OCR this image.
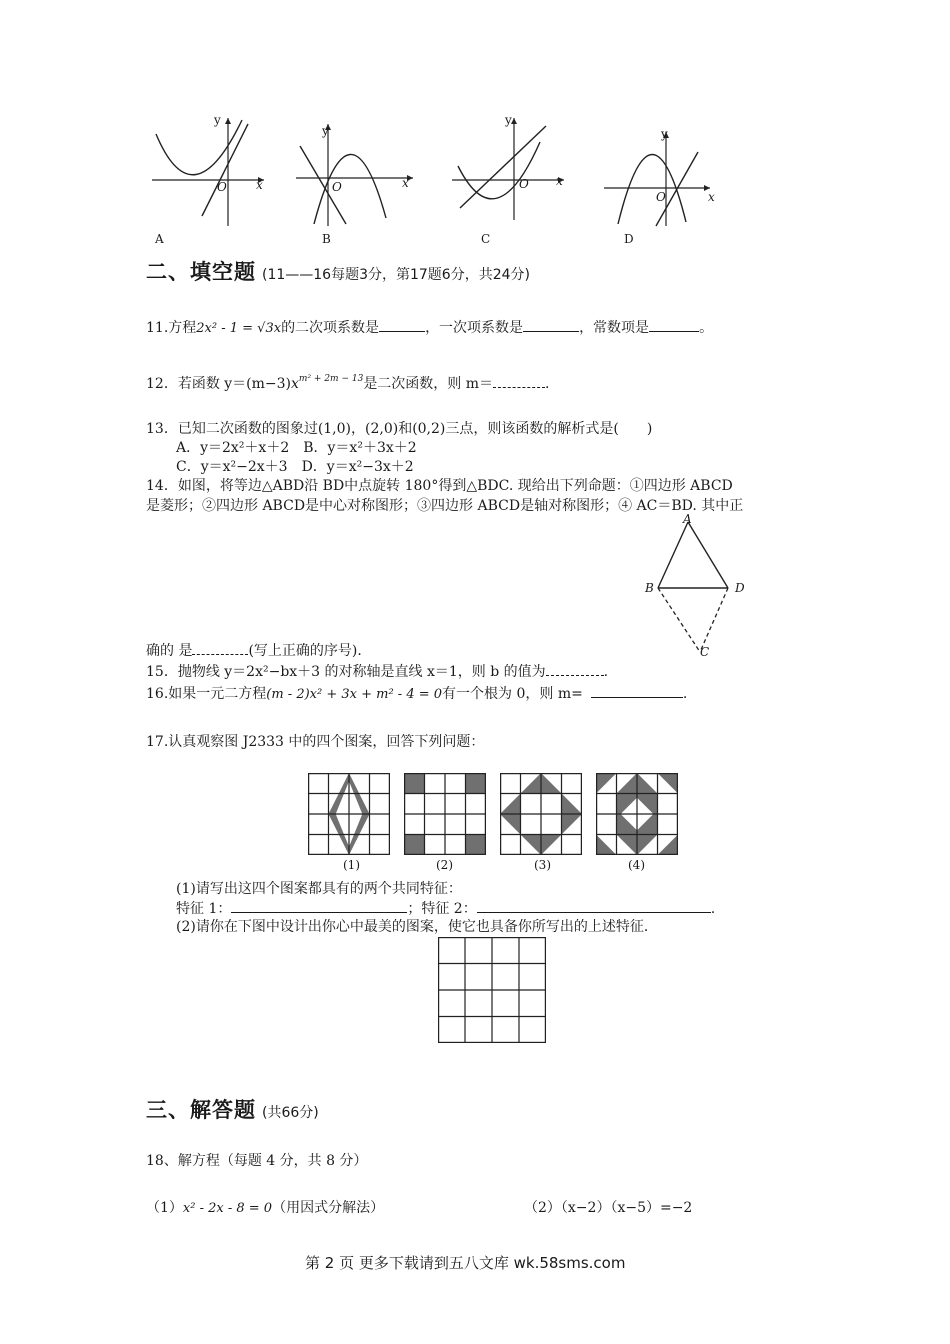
y
O x
A
y
O	x
B
y
O x
C
y
O	x
D
二、填空题 (11——16每题3分，第17题6分，共24分)
11.方程2x² - 1 = √3x的二次项系数是	，一次项系数是	，常数项是	。
12．若函数 $y=(m-3)x^{m^2 + 2m - 13}$是二次函数，则 m＝	.
13．已知二次函数的图象过(1,0)，(2,0)和(0,2)三点，则该函数的解析式是(　　)
A．y＝2x²＋x＋2　B．y＝x²＋3x＋2
C．y＝x²−2x＋3　D．y＝x²−3x＋2
14．如图，将等边△ABD沿 BD中点旋转 180°得到△BDC. 现给出下列命题：①四边形 ABCD
是菱形；②四边形 ABCD是中心对称图形；③四边形 ABCD是轴对称图形；④ AC＝BD. 其中正
A
B	D
C
确的 是	(写上正确的序号)．
15．抛物线 y＝2x²−bx＋3 的对称轴是直线 x＝1，则 b 的值为	.
16.如果一元二方程(m - 2)x² + 3x + m² - 4 = 0有一个根为 0，则 m=	.
17.认真观察图 J2333 中的四个图案，回答下列问题：
(1)	(2)	(3)	(4)
(1)请写出这四个图案都具有的两个共同特征：
特征 1：	；特征 2：	.
(2)请你在下图中设计出你心中最美的图案，使它也具备你所写出的上述特征．
三、解答题 (共66分)
18、解方程（每题 4 分，共 8 分）
（1）x² - 2x - 8 = 0（用因式分解法）	（2）（x−2）（x−5）=−2
第 2 页 更多下载请到五八文库 wk.58sms.com
